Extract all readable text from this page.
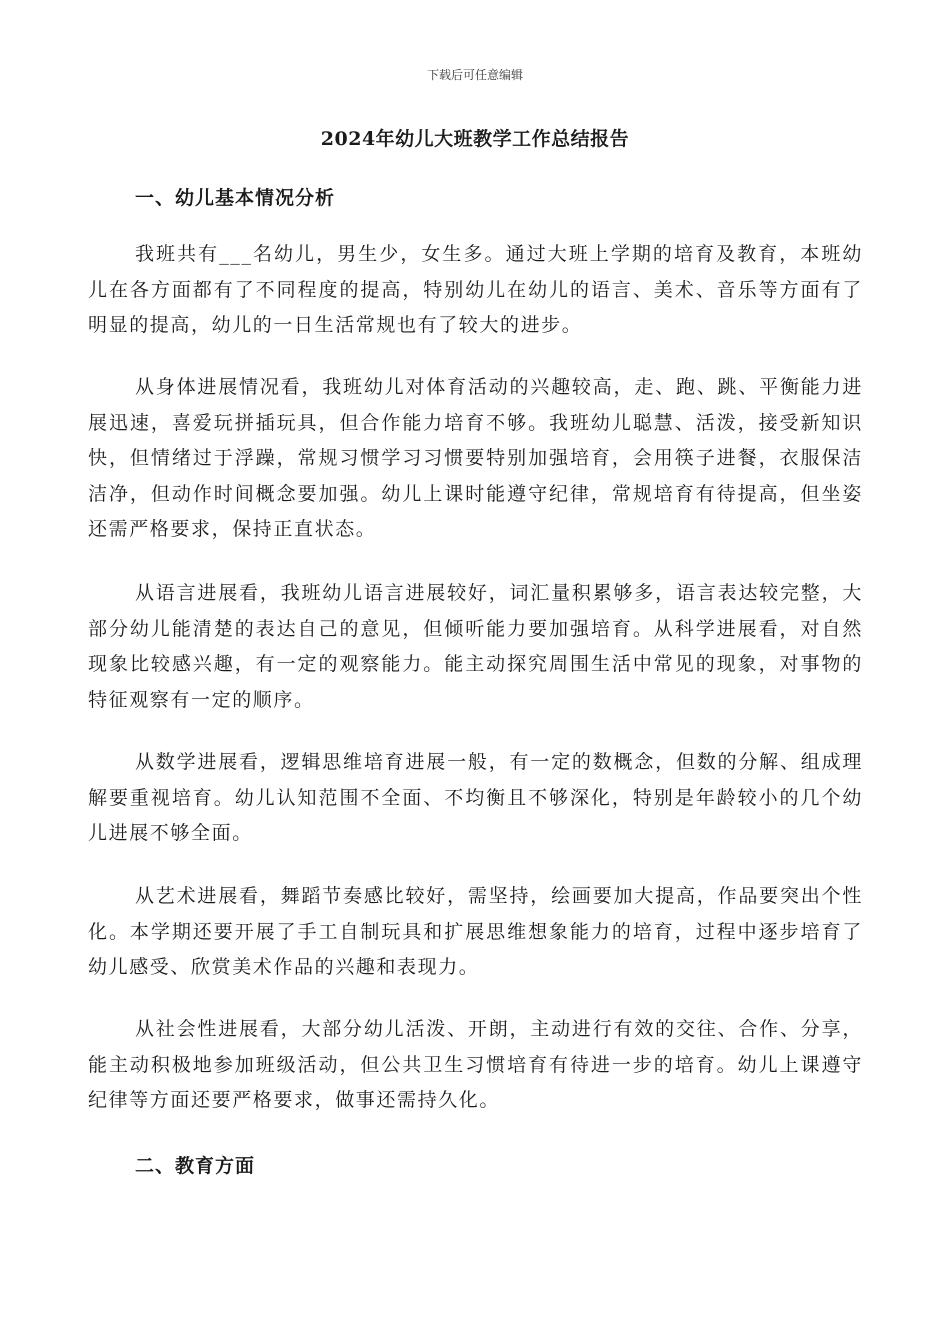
下载后可任意编辑
2024年幼儿大班教学工作总结报告
一、幼儿基本情况分析

我班共有___名幼儿，男生少，女生多。通过大班上学期的培育及教育，本班幼儿在各方面都有了不同程度的提高，特别幼儿在幼儿的语言、美术、音乐等方面有了明显的提高，幼儿的一日生活常规也有了较大的进步。

从身体进展情况看，我班幼儿对体育活动的兴趣较高，走、跑、跳、平衡能力进展迅速，喜爱玩拼插玩具，但合作能力培育不够。我班幼儿聪慧、活泼，接受新知识快，但情绪过于浮躁，常规习惯学习习惯要特别加强培育，会用筷子进餐，衣服保洁洁净，但动作时间概念要加强。幼儿上课时能遵守纪律，常规培育有待提高，但坐姿还需严格要求，保持正直状态。

从语言进展看，我班幼儿语言进展较好，词汇量积累够多，语言表达较完整，大部分幼儿能清楚的表达自己的意见，但倾听能力要加强培育。从科学进展看，对自然现象比较感兴趣，有一定的观察能力。能主动探究周围生活中常见的现象，对事物的特征观察有一定的顺序。

从数学进展看，逻辑思维培育进展一般，有一定的数概念，但数的分解、组成理解要重视培育。幼儿认知范围不全面、不均衡且不够深化，特别是年龄较小的几个幼儿进展不够全面。

从艺术进展看，舞蹈节奏感比较好，需坚持，绘画要加大提高，作品要突出个性化。本学期还要开展了手工自制玩具和扩展思维想象能力的培育，过程中逐步培育了幼儿感受、欣赏美术作品的兴趣和表现力。

从社会性进展看，大部分幼儿活泼、开朗，主动进行有效的交往、合作、分享，能主动积极地参加班级活动，但公共卫生习惯培育有待进一步的培育。幼儿上课遵守纪律等方面还要严格要求，做事还需持久化。

二、教育方面
